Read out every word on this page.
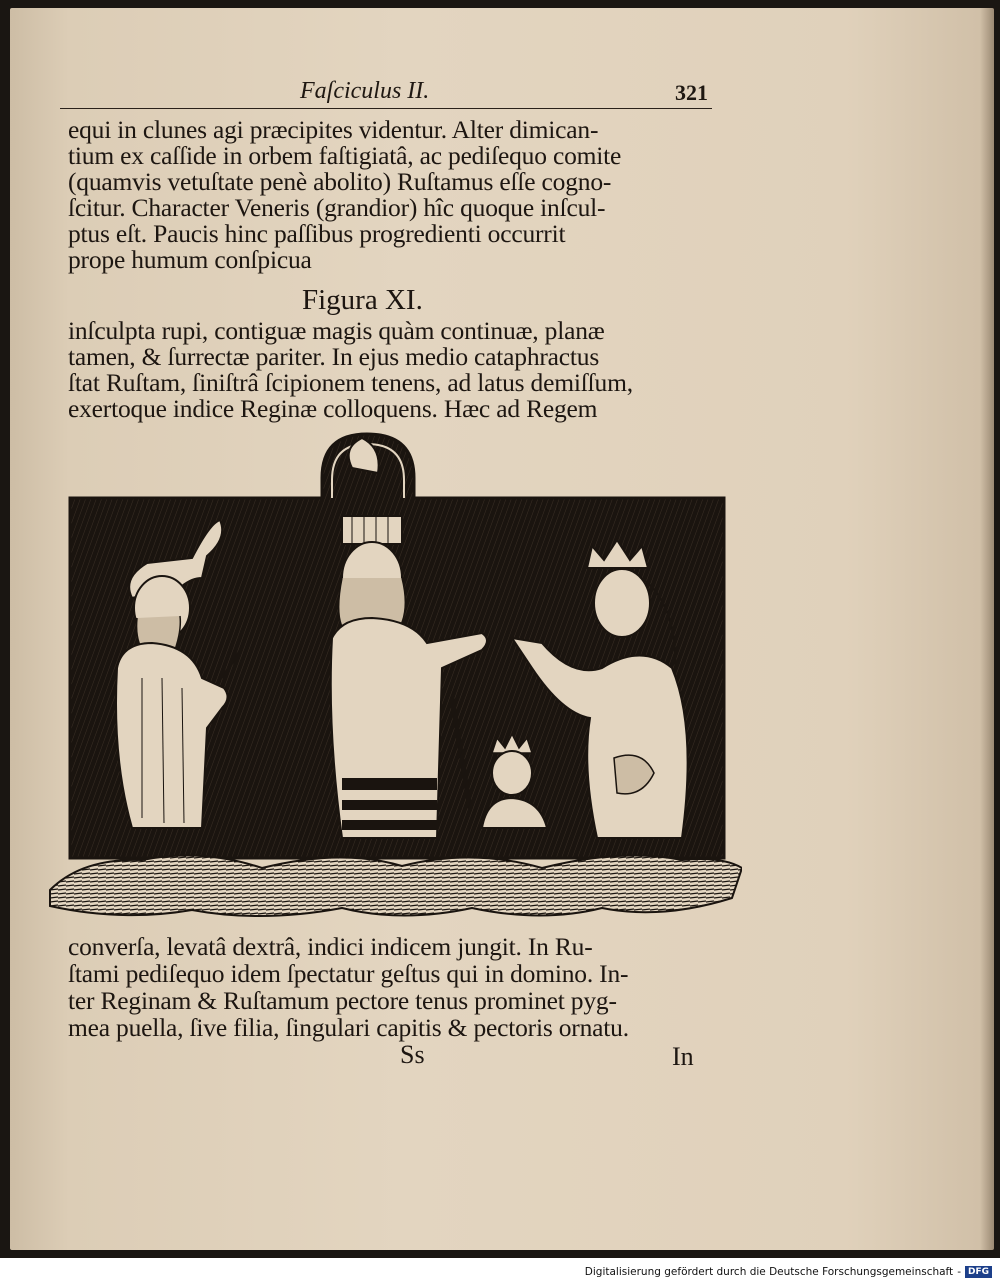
Faſciculus II.	321
equi in clunes agi præcipites videntur. Alter dimican-
tium ex caſſide in orbem faſtigiatâ, ac pediſequo comite
(quamvis vetuſtate penè abolito) Ruſtamus eſſe cogno-
ſcitur. Character Veneris (grandior) hîc quoque inſcul-
ptus eſt. Paucis hinc paſſibus progredienti occurrit
prope humum conſpicua
Figura XI.
inſculpta rupi, contiguæ magis quàm continuæ, planæ
tamen, & ſurrectæ pariter. In ejus medio cataphractus
ſtat Ruſtam, ſiniſtrâ ſcipionem tenens, ad latus demiſſum,
exertoque indice Reginæ colloquens. Hæc ad Regem
converſa, levatâ dextrâ, indici indicem jungit. In Ru-
ſtami pediſequo idem ſpectatur geſtus qui in domino. In-
ter Reginam & Ruſtamum pectore tenus prominet pyg-
mea puella, ſive filia, ſingulari capitis & pectoris ornatu.
Ss	In
Digitalisierung gefördert durch die Deutsche Forschungsgemeinschaft - DFG
